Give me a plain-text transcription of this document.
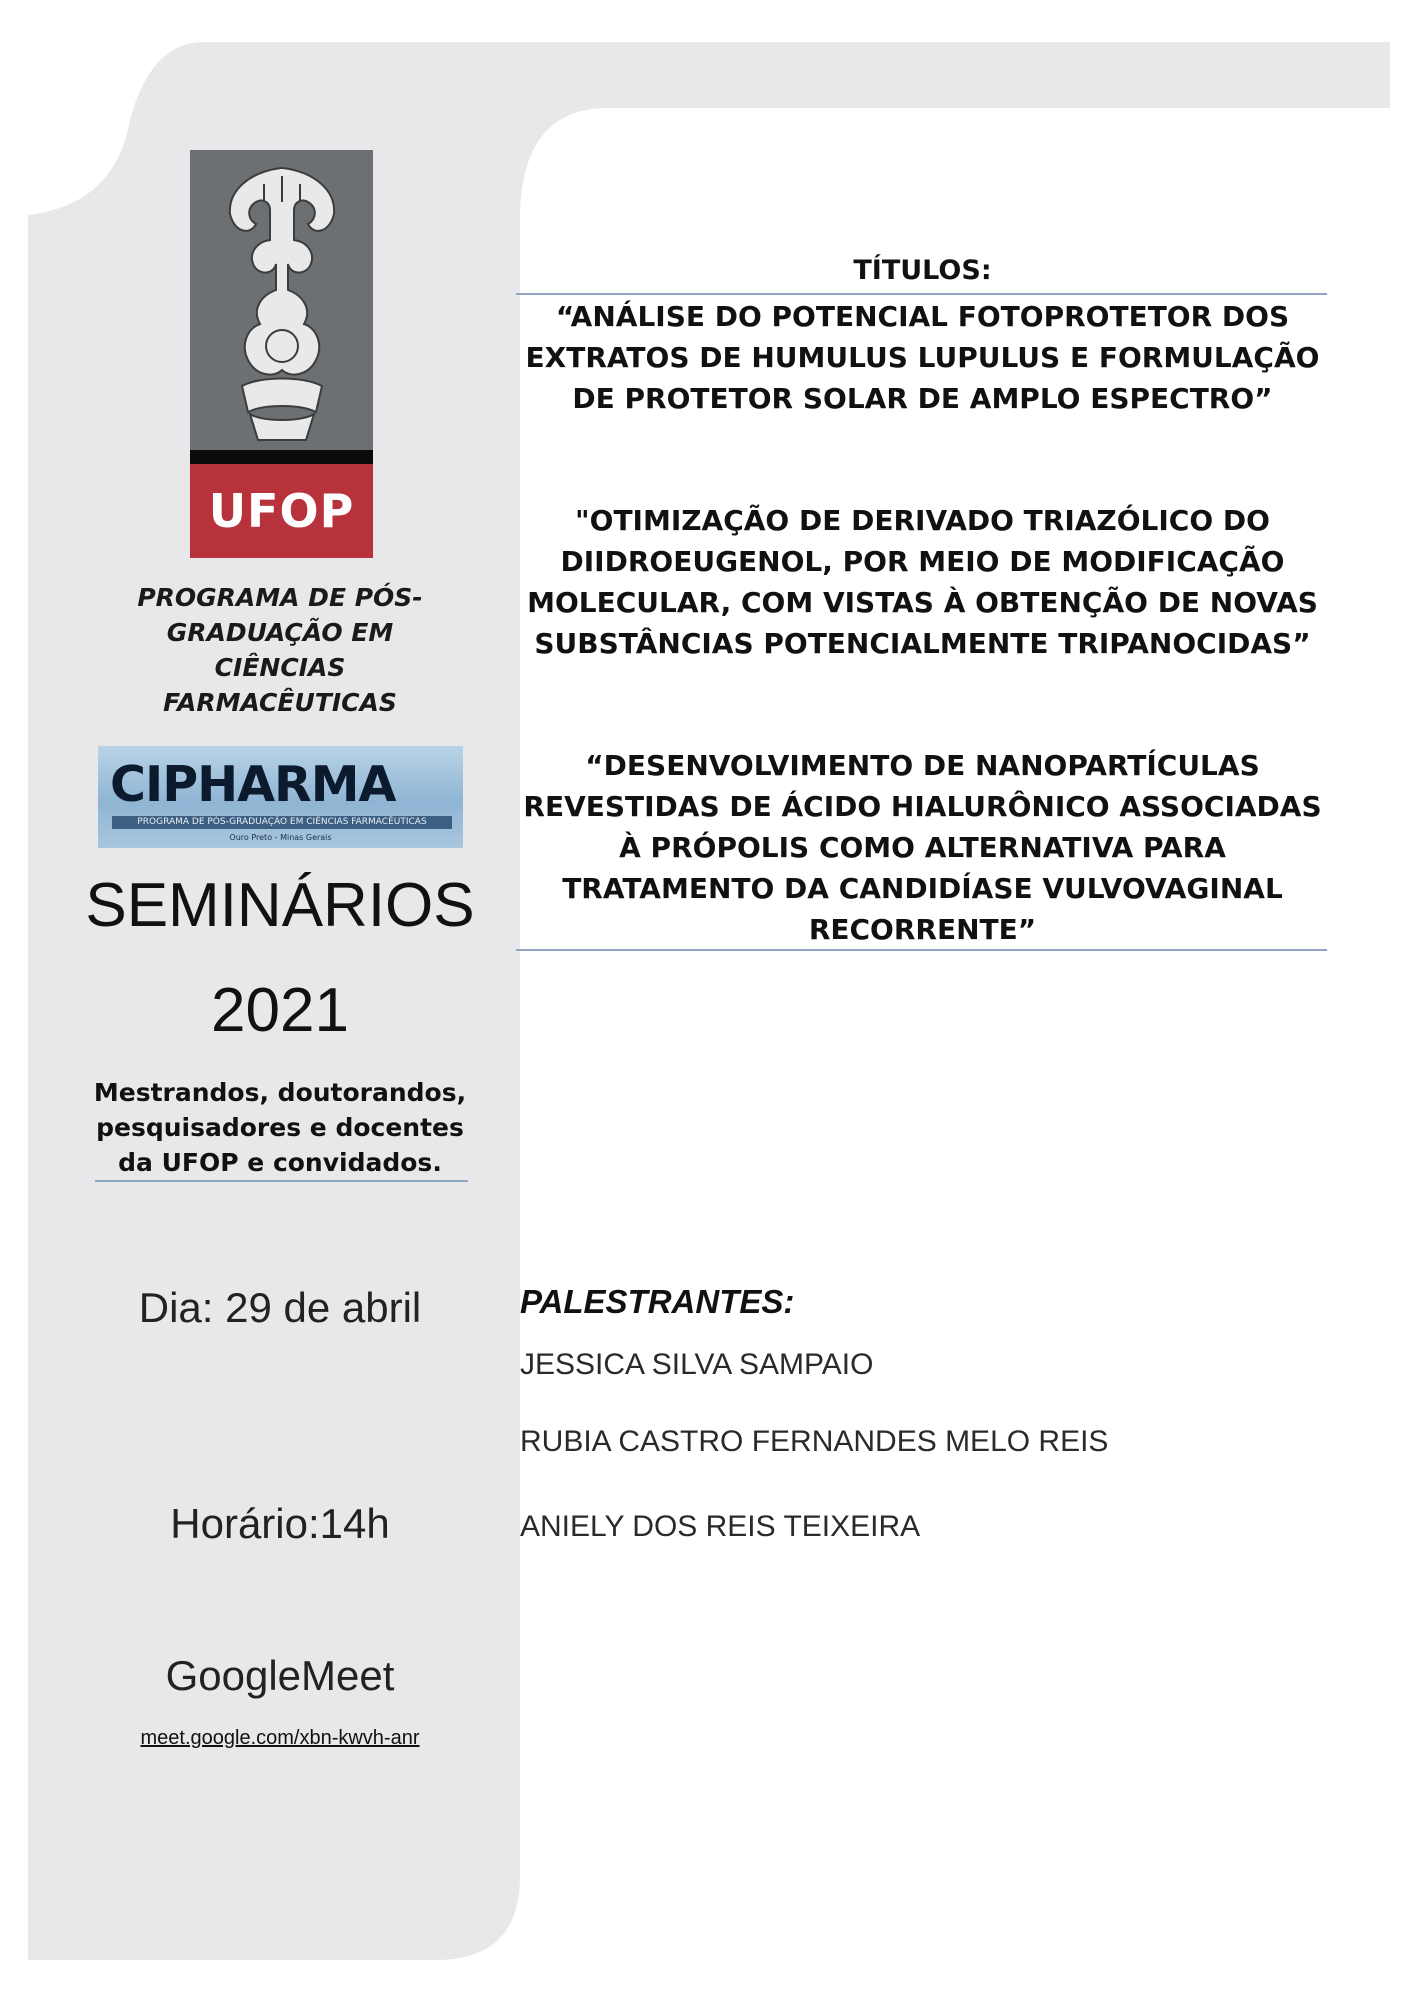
UFOP
PROGRAMA DE PÓS-GRADUAÇÃO EM CIÊNCIAS FARMACÊUTICAS
CIPHARMA
PROGRAMA DE PÓS-GRADUAÇÃO EM CIÊNCIAS FARMACÊUTICAS
Ouro Preto - Minas Gerais
SEMINÁRIOS
2021
Mestrandos, doutorandos, pesquisadores e docentes da UFOP e convidados.
Dia: 29 de abril
Horário:14h
GoogleMeet
meet.google.com/xbn-kwvh-anr
TÍTULOS:
“ANÁLISE DO POTENCIAL FOTOPROTETOR DOS EXTRATOS DE HUMULUS LUPULUS E FORMULAÇÃO DE PROTETOR SOLAR DE AMPLO ESPECTRO”
"OTIMIZAÇÃO DE DERIVADO TRIAZÓLICO DO DIIDROEUGENOL, POR MEIO DE MODIFICAÇÃO MOLECULAR, COM VISTAS À OBTENÇÃO DE NOVAS SUBSTÂNCIAS POTENCIALMENTE TRIPANOCIDAS”
“DESENVOLVIMENTO DE NANOPARTÍCULAS REVESTIDAS DE ÁCIDO HIALURÔNICO ASSOCIADAS À PRÓPOLIS COMO ALTERNATIVA PARA TRATAMENTO DA CANDIDÍASE VULVOVAGINAL RECORRENTE”
PALESTRANTES:
JESSICA SILVA SAMPAIO
RUBIA CASTRO FERNANDES MELO REIS
ANIELY DOS REIS TEIXEIRA
